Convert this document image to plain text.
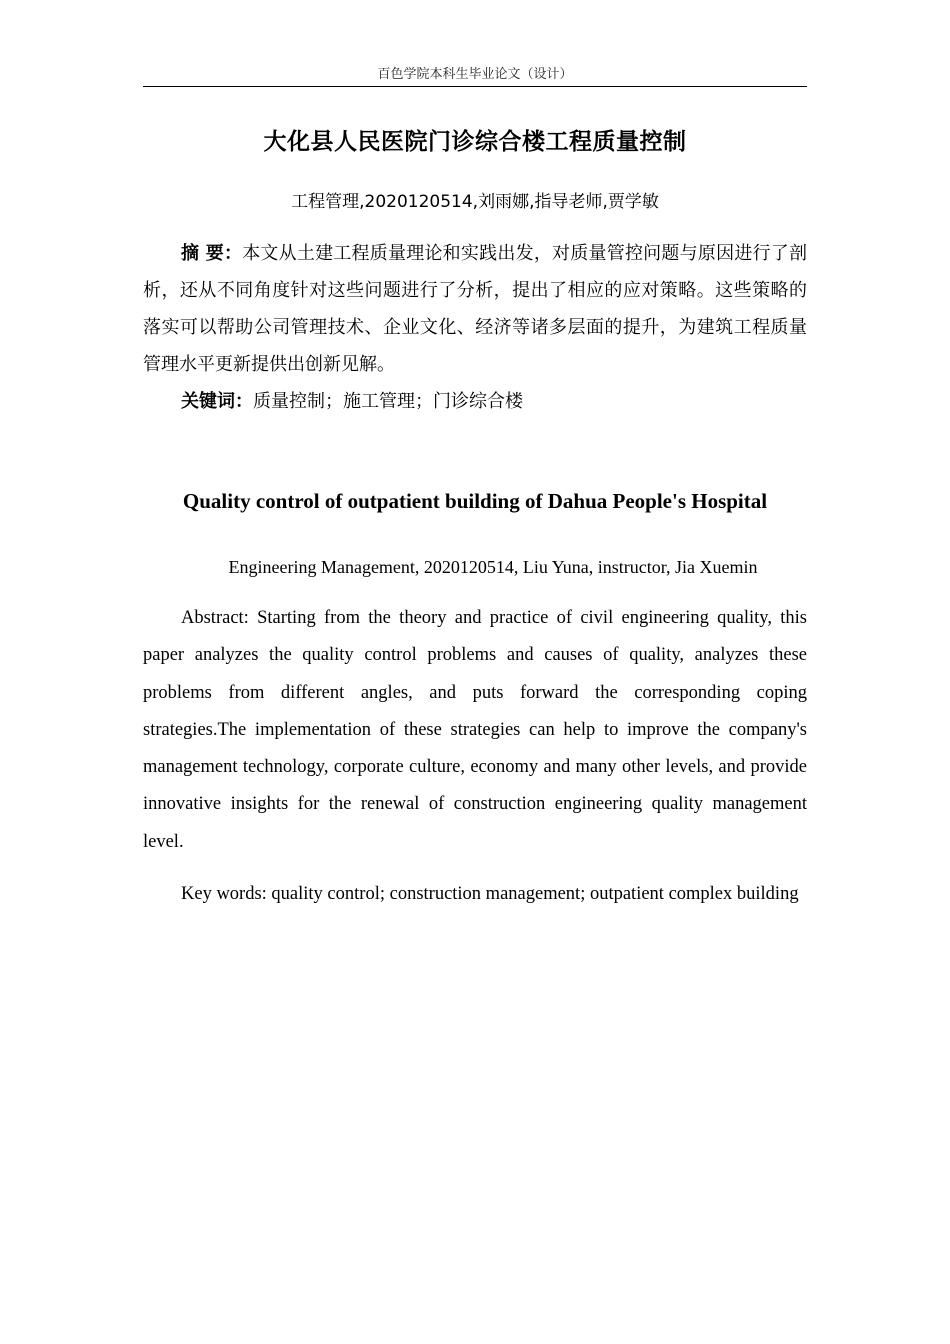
百色学院本科生毕业论文（设计）
大化县人民医院门诊综合楼工程质量控制
工程管理,2020120514,刘雨娜,指导老师,贾学敏

摘 要：本文从土建工程质量理论和实践出发，对质量管控问题与原因进行了剖析，还从不同角度针对这些问题进行了分析，提出了相应的应对策略。这些策略的落实可以帮助公司管理技术、企业文化、经济等诸多层面的提升，为建筑工程质量管理水平更新提供出创新见解。

关键词：质量控制；施工管理；门诊综合楼

Quality control of outpatient building of Dahua People's Hospital
Engineering Management, 2020120514, Liu Yuna, instructor, Jia Xuemin

Abstract: Starting from the theory and practice of civil engineering quality, this paper analyzes the quality control problems and causes of quality, analyzes these problems from different angles, and puts forward the corresponding coping strategies.The implementation of these strategies can help to improve the company's management technology, corporate culture, economy and many other levels, and provide innovative insights for the renewal of construction engineering quality management level.

Key words: quality control; construction management; outpatient complex building
